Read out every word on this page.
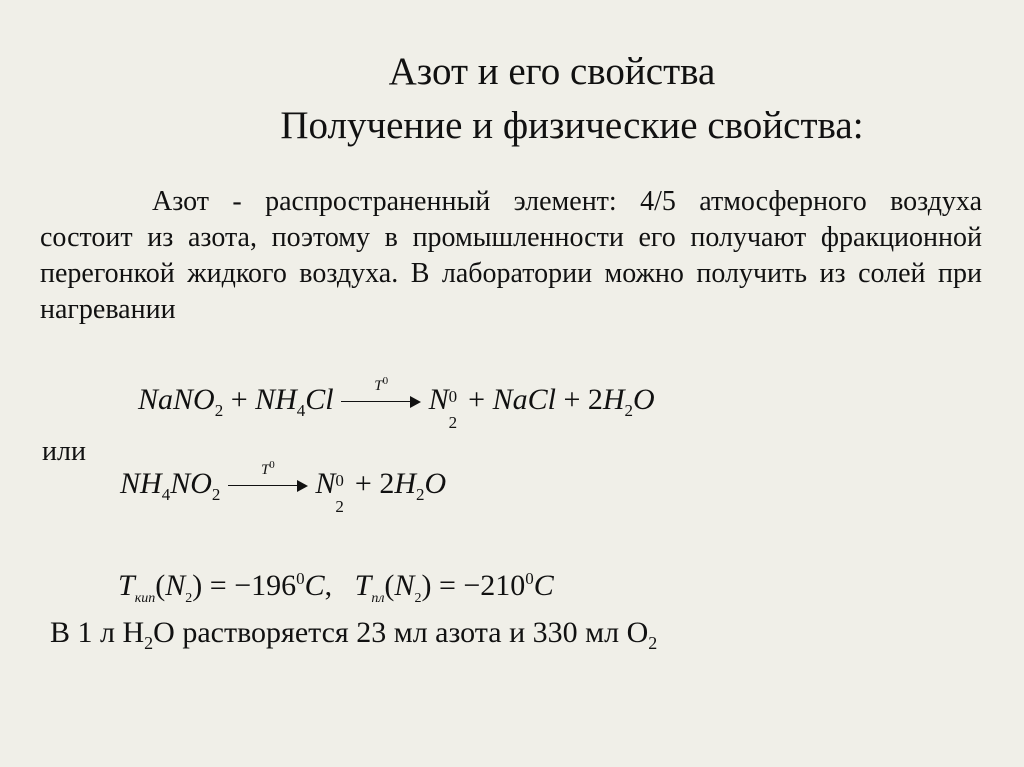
Азот и его свойства
Получение и физические свойства:
Азот - распространенный элемент: 4/5 атмосферного воздуха состоит из азота, поэтому в промышленности его получают фракционной перегонкой жидкого воздуха. В лаборатории можно получить из солей при нагревании
NaNO$_2$ + $NH_4Cl$	$T^0$
N 0
2
+ NaCl + $2H_2O$
или
$NH_4NO_2$
$T^0$
N 0
2
+ $2H_2O$
$T_{кип}(N_2) = -196^0C$, $T_{пл}(N_2) = -210^0C$
В 1 л $H_2O$ растворяется 23 мл азота и 330 мл $O_2$
